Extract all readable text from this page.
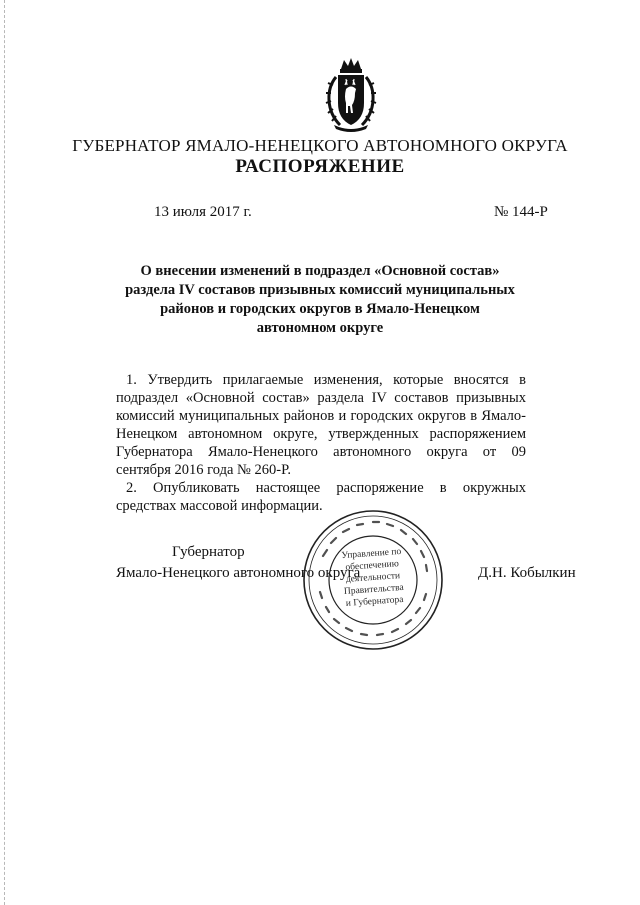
ГУБЕРНАТОР ЯМАЛО-НЕНЕЦКОГО АВТОНОМНОГО ОКРУГА
РАСПОРЯЖЕНИЕ
13 июля 2017 г.	№ 144-Р
О внесении изменений в подраздел «Основной состав»
раздела IV составов призывных комиссий муниципальных
районов и городских округов в Ямало-Ненецком
автономном округе

1. Утвердить прилагаемые изменения, которые вносятся в подраздел «Основной состав» раздела IV составов призывных комиссий муниципальных районов и городских округов в Ямало-Ненецком автономном округе, утвержденных распоряжением Губернатора Ямало-Ненецкого автономного округа от 09 сентября 2016 года № 260-Р.

2. Опубликовать настоящее распоряжение в окружных средствах массовой информации.

Губернатор
Ямало-Ненецкого автономного округа	Д.Н. Кобылкин
Управление по
обеспечению
деятельности
Правительства
и Губернатора
